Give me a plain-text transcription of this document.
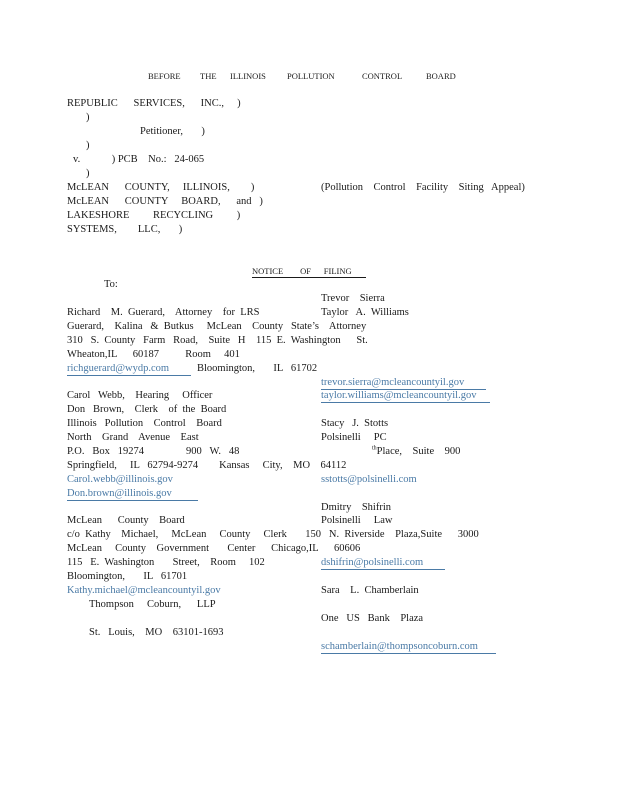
BEFORE THE ILLINOIS POLLUTION	CONTROL	BOARD
REPUBLIC      SERVICES,      INC.,     )
)
Petitioner,       )
)
v.            ) PCB    No.:   24-065
)
McLEAN      COUNTY,     ILLINOIS,        )	(Pollution    Control    Facility    Siting   Appeal)
McLEAN      COUNTY     BOARD,      and   )
LAKESHORE         RECYCLING         )
SYSTEMS,        LLC,       )
NOTICE        OF      FILING
To:
Trevor    Sierra
Richard    M.  Guerard,    Attorney    for  LRS	Taylor   A.  Williams
Guerard,    Kalina   &  Butkus     McLean    County   State’s    Attorney
310   S.  County   Farm   Road,    Suite   H    115  E.  Washington      St.
Wheaton,IL      60187          Room     401
richguerard@wydp.com	Bloomington,       IL   61702
trevor.sierra@mcleancountyil.gov
Carol   Webb,    Hearing     Officer	taylor.williams@mcleancountyil.gov
Don   Brown,    Clerk    of  the  Board
Illinois   Pollution    Control    Board	Stacy   J.  Stotts
North    Grand    Avenue    East	Polsinelli     PC
P.O.   Box   19274                900   W.   48	$^{th}$Place,    Suite    900
Springfield,     IL   62794-9274        Kansas     City,    MO    64112
Carol.webb@illinois.gov	sstotts@polsinelli.com
Don.brown@illinois.gov
Dmitry    Shifrin
McLean      County    Board	Polsinelli     Law
c/o  Kathy    Michael,     McLean     County     Clerk       150   N.  Riverside    Plaza,Suite      3000
McLean     County    Government       Center      Chicago,IL      60606
115   E.  Washington       Street,    Room     102	dshifrin@polsinelli.com
Bloomington,       IL   61701
Kathy.michael@mcleancountyil.gov	Sara    L.  Chamberlain
Thompson     Coburn,      LLP
One   US   Bank    Plaza
St.   Louis,    MO    63101-1693
schamberlain@thompsoncoburn.com
